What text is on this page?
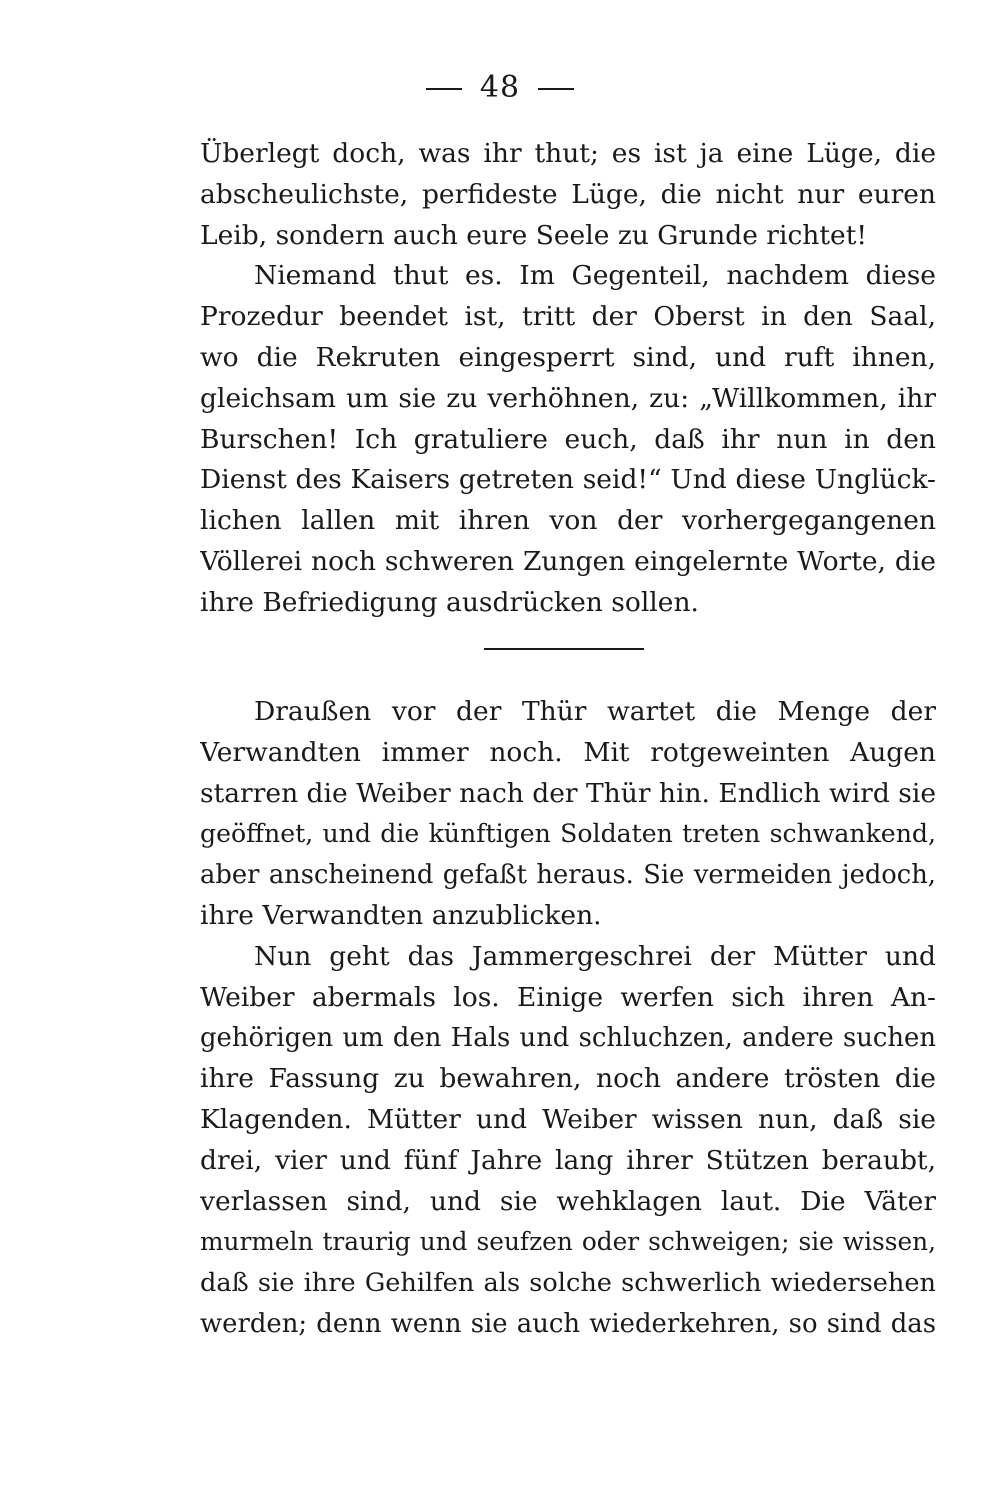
48
Überlegt doch, was ihr thut; es ist ja eine Lüge, die
abscheulichste, perfideste Lüge, die nicht nur euren
Leib, sondern auch eure Seele zu Grunde richtet!
Niemand thut es. Im Gegenteil, nachdem diese
Prozedur beendet ist, tritt der Oberst in den Saal,
wo die Rekruten eingesperrt sind, und ruft ihnen,
gleichsam um sie zu verhöhnen, zu: „Willkommen, ihr
Burschen! Ich gratuliere euch, daß ihr nun in den
Dienst des Kaisers getreten seid!“ Und diese Unglück-
lichen lallen mit ihren von der vorhergegangenen
Völlerei noch schweren Zungen eingelernte Worte, die
ihre Befriedigung ausdrücken sollen.
Draußen vor der Thür wartet die Menge der
Verwandten immer noch. Mit rotgeweinten Augen
starren die Weiber nach der Thür hin. Endlich wird sie
geöffnet, und die künftigen Soldaten treten schwankend,
aber anscheinend gefaßt heraus. Sie vermeiden jedoch,
ihre Verwandten anzublicken.
Nun geht das Jammergeschrei der Mütter und
Weiber abermals los. Einige werfen sich ihren An-
gehörigen um den Hals und schluchzen, andere suchen
ihre Fassung zu bewahren, noch andere trösten die
Klagenden. Mütter und Weiber wissen nun, daß sie
drei, vier und fünf Jahre lang ihrer Stützen beraubt,
verlassen sind, und sie wehklagen laut. Die Väter
murmeln traurig und seufzen oder schweigen; sie wissen,
daß sie ihre Gehilfen als solche schwerlich wiedersehen
werden; denn wenn sie auch wiederkehren, so sind das
